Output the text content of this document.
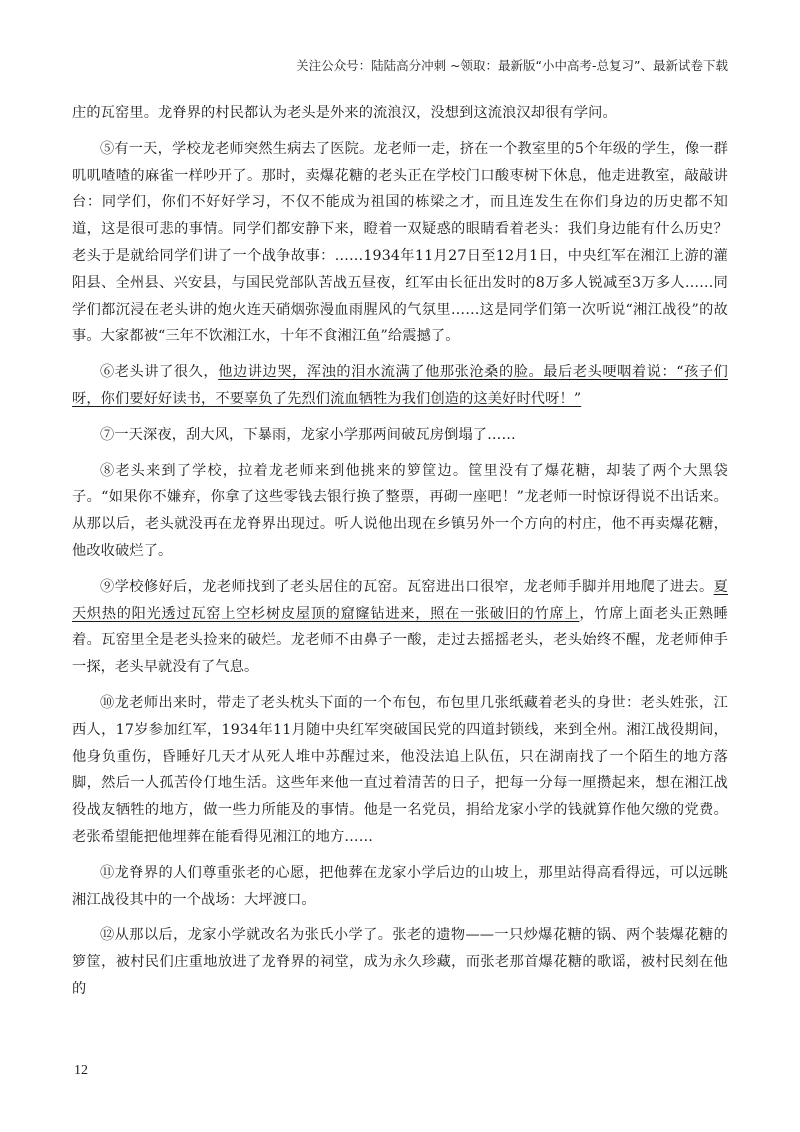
关注公众号：陆陆高分冲刺 ~领取：最新版“小中高考-总复习”、最新试卷下载

庄的瓦窑里。龙脊界的村民都认为老头是外来的流浪汉，没想到这流浪汉却很有学问。

⑤有一天，学校龙老师突然生病去了医院。龙老师一走，挤在一个教室里的5个年级的学生，像一群叽叽喳喳的麻雀一样吵开了。那时，卖爆花糖的老头正在学校门口酸枣树下休息，他走进教室，敲敲讲台：同学们，你们不好好学习，不仅不能成为祖国的栋梁之才，而且连发生在你们身边的历史都不知道，这是很可悲的事情。同学们都安静下来，瞪着一双疑惑的眼睛看着老头：我们身边能有什么历史？老头于是就给同学们讲了一个战争故事：……1934年11月27日至12月1日，中央红军在湘江上游的灌阳县、全州县、兴安县，与国民党部队苦战五昼夜，红军由长征出发时的8万多人锐减至3万多人……同学们都沉浸在老头讲的炮火连天硝烟弥漫血雨腥风的气氛里……这是同学们第一次听说“湘江战役”的故事。大家都被“三年不饮湘江水，十年不食湘江鱼”给震撼了。

⑥老头讲了很久，他边讲边哭，浑浊的泪水流满了他那张沧桑的脸。最后老头哽咽着说：“孩子们呀，你们要好好读书，不要辜负了先烈们流血牺牲为我们创造的这美好时代呀！”

⑦一天深夜，刮大风，下暴雨，龙家小学那两间破瓦房倒塌了……

⑧老头来到了学校，拉着龙老师来到他挑来的箩筐边。筐里没有了爆花糖，却装了两个大黑袋子。“如果你不嫌弃，你拿了这些零钱去银行换了整票，再砌一座吧！”龙老师一时惊讶得说不出话来。从那以后，老头就没再在龙脊界出现过。听人说他出现在乡镇另外一个方向的村庄，他不再卖爆花糖，他改收破烂了。

⑨学校修好后，龙老师找到了老头居住的瓦窑。瓦窑进出口很窄，龙老师手脚并用地爬了进去。夏天炽热的阳光透过瓦窑上空杉树皮屋顶的窟窿钻进来，照在一张破旧的竹席上，竹席上面老头正熟睡着。瓦窑里全是老头捡来的破烂。龙老师不由鼻子一酸，走过去摇摇老头，老头始终不醒，龙老师伸手一探，老头早就没有了气息。

⑩龙老师出来时，带走了老头枕头下面的一个布包，布包里几张纸藏着老头的身世：老头姓张，江西人，17岁参加红军，1934年11月随中央红军突破国民党的四道封锁线，来到全州。湘江战役期间，他身负重伤，昏睡好几天才从死人堆中苏醒过来，他没法追上队伍，只在湖南找了一个陌生的地方落脚，然后一人孤苦伶仃地生活。这些年来他一直过着清苦的日子，把每一分每一厘攒起来，想在湘江战役战友牺牲的地方，做一些力所能及的事情。他是一名党员，捐给龙家小学的钱就算作他欠缴的党费。老张希望能把他埋葬在能看得见湘江的地方……

⑪龙脊界的人们尊重张老的心愿，把他葬在龙家小学后边的山坡上，那里站得高看得远，可以远眺湘江战役其中的一个战场：大坪渡口。

⑫从那以后，龙家小学就改名为张氏小学了。张老的遗物——一只炒爆花糖的锅、两个装爆花糖的箩筐，被村民们庄重地放进了龙脊界的祠堂，成为永久珍藏，而张老那首爆花糖的歌谣，被村民刻在他的

12
